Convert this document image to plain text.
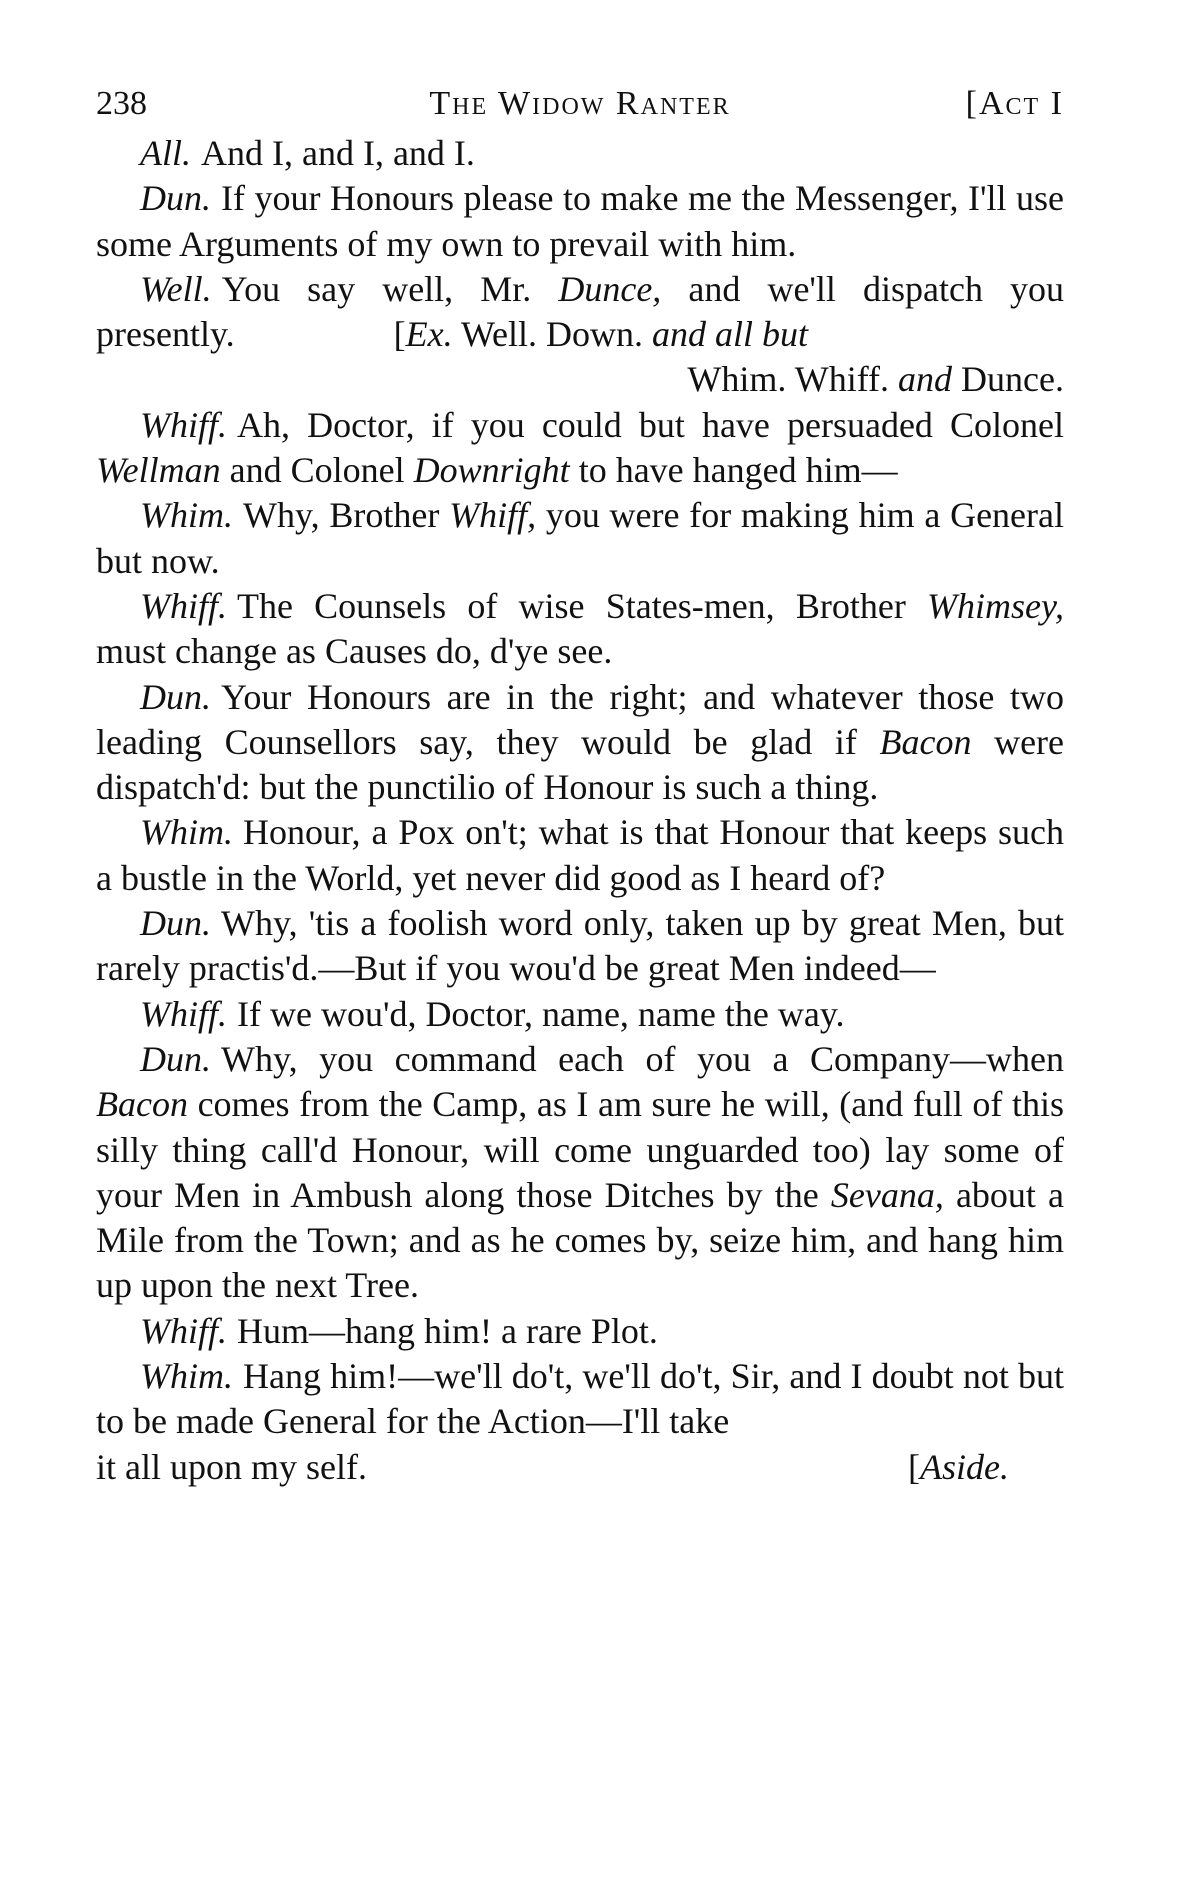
238	The Widow Ranter	[Act I

All. And I, and I, and I.

Dun. If your Honours please to make me the Messenger, I'll use some Arguments of my own to prevail with him.

Well. You say well, Mr. Dunce, and we'll dispatch you presently.	[Ex. Well. Down. and all but

Whim. Whiff. and Dunce.

Whiff. Ah, Doctor, if you could but have persuaded Colonel Wellman and Colonel Downright to have hanged him—

Whim. Why, Brother Whiff, you were for making him a General but now.

Whiff. The Counsels of wise States-men, Brother Whimsey, must change as Causes do, d'ye see.

Dun. Your Honours are in the right; and whatever those two leading Counsellors say, they would be glad if Bacon were dispatch'd: but the punctilio of Honour is such a thing.

Whim. Honour, a Pox on't; what is that Honour that keeps such a bustle in the World, yet never did good as I heard of?

Dun. Why, 'tis a foolish word only, taken up by great Men, but rarely practis'd.—But if you wou'd be great Men indeed—

Whiff. If we wou'd, Doctor, name, name the way.

Dun. Why, you command each of you a Company—when Bacon comes from the Camp, as I am sure he will, (and full of this silly thing call'd Honour, will come unguarded too) lay some of your Men in Ambush along those Ditches by the Sevana, about a Mile from the Town; and as he comes by, seize him, and hang him up upon the next Tree.

Whiff. Hum—hang him! a rare Plot.

Whim. Hang him!—we'll do't, we'll do't, Sir, and I doubt not but to be made General for the Action—I'll take

it all upon my self.	[Aside.
